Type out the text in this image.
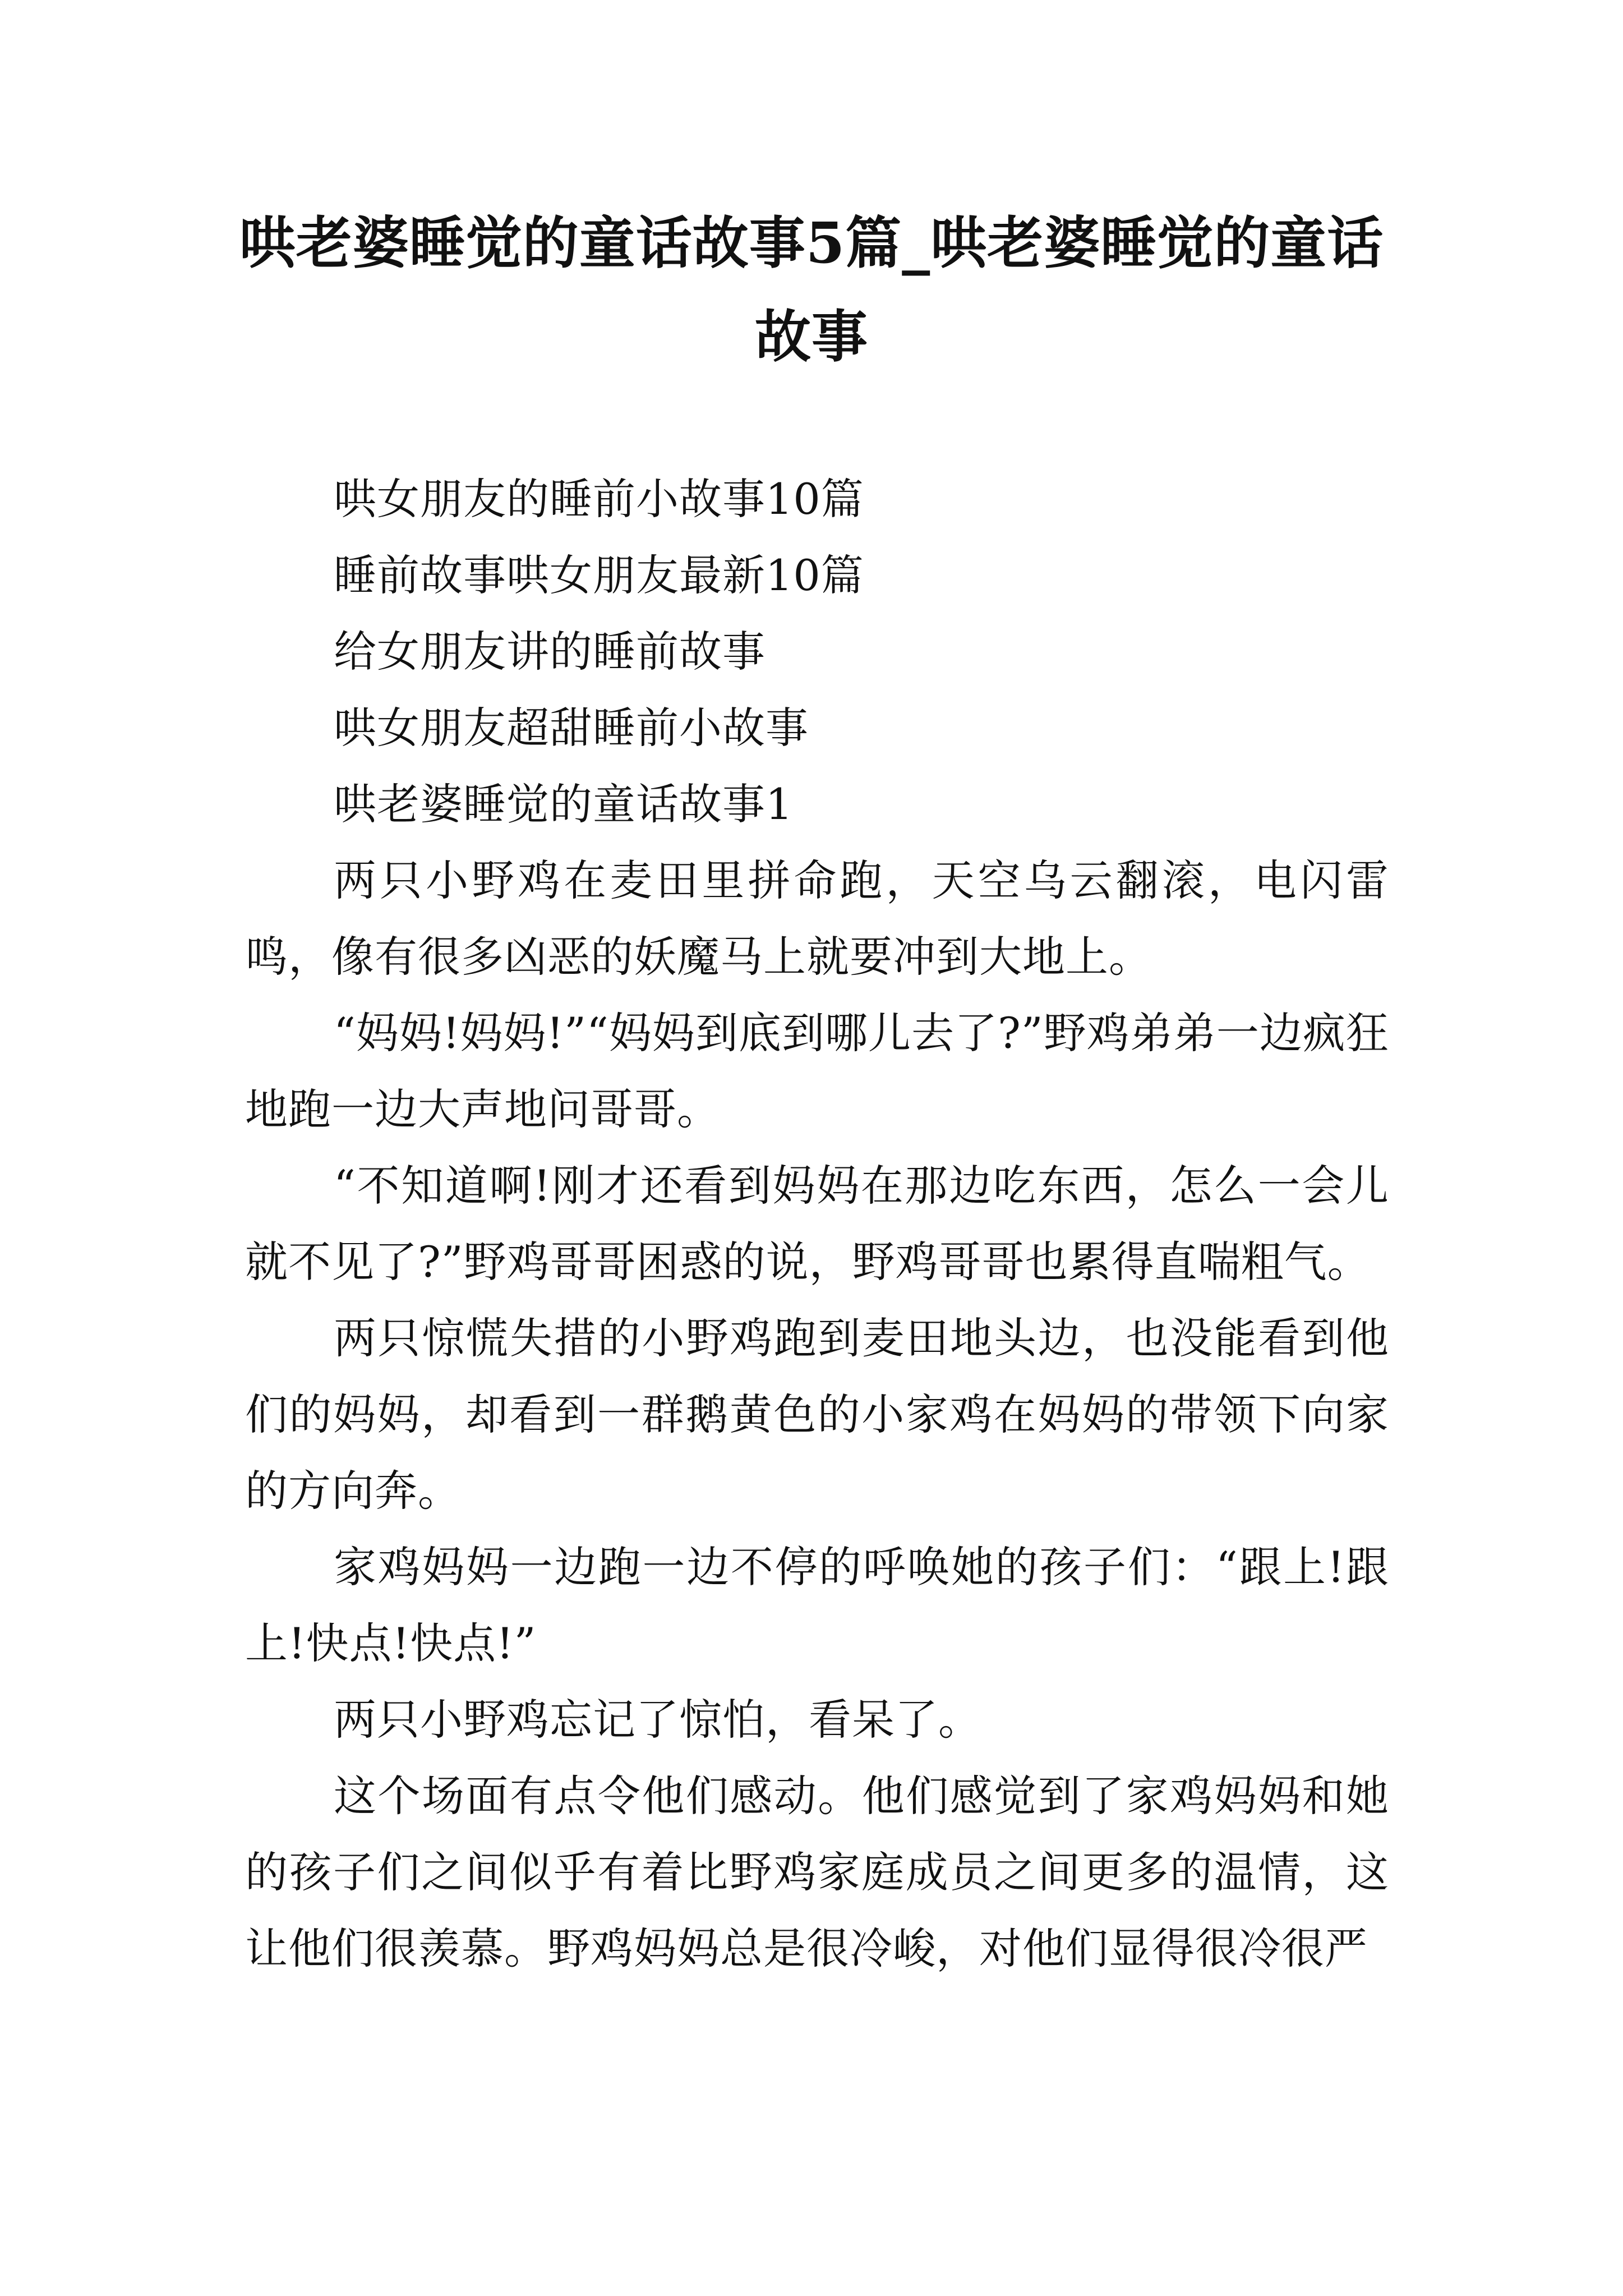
哄老婆睡觉的童话故事5篇_哄老婆睡觉的童话故事

哄女朋友的睡前小故事10篇

睡前故事哄女朋友最新10篇

给女朋友讲的睡前故事

哄女朋友超甜睡前小故事

哄老婆睡觉的童话故事1

两只小野鸡在麦田里拼命跑，天空乌云翻滚，电闪雷鸣，像有很多凶恶的妖魔马上就要冲到大地上。

“妈妈!妈妈!”“妈妈到底到哪儿去了?”野鸡弟弟一边疯狂地跑一边大声地问哥哥。

“不知道啊!刚才还看到妈妈在那边吃东西，怎么一会儿就不见了?”野鸡哥哥困惑的说，野鸡哥哥也累得直喘粗气。

两只惊慌失措的小野鸡跑到麦田地头边，也没能看到他们的妈妈，却看到一群鹅黄色的小家鸡在妈妈的带领下向家的方向奔。

家鸡妈妈一边跑一边不停的呼唤她的孩子们：“跟上!跟上!快点!快点!”

两只小野鸡忘记了惊怕，看呆了。

这个场面有点令他们感动。他们感觉到了家鸡妈妈和她的孩子们之间似乎有着比野鸡家庭成员之间更多的温情，这让他们很羡慕。野鸡妈妈总是很冷峻，对他们显得很冷很严
